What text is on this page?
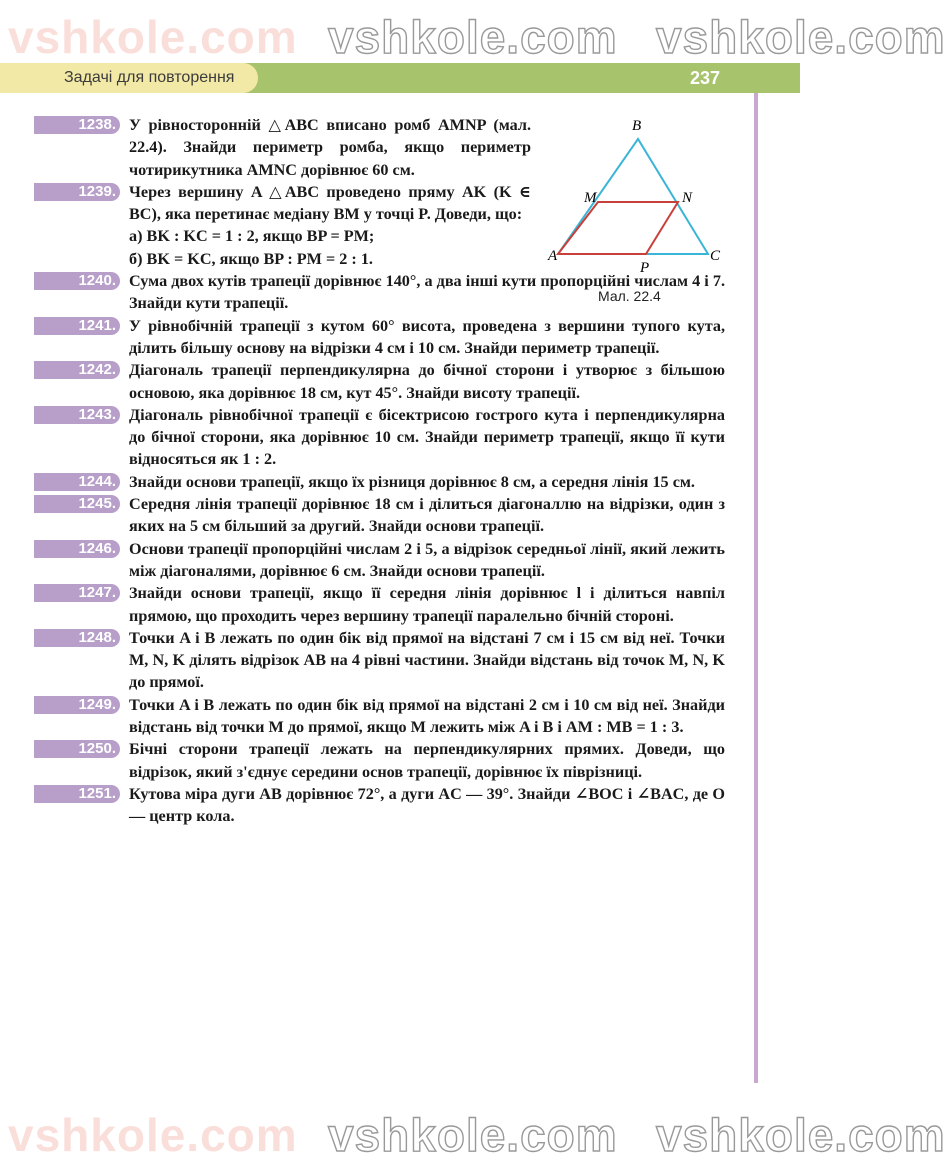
Задачі для повторення	237
B
M	N
A
P
C
Мал. 22.4
1238. У рівносторонній △ABC вписано ромб AMNP (мал. 22.4). Знайди периметр ромба, якщо периметр чотирикутника AMNC дорівнює 60 см.
1239. Через вершину A △ABC проведено пряму AK (K ∈ BC), яка перетинає медіану BM у точці P. Доведи, що:
а) BK : KC = 1 : 2, якщо BP = PM;
б) BK = KC, якщо BP : PM = 2 : 1.
1240. Сума двох кутів трапеції дорівнює 140°, а два інші кути пропорційні числам 4 і 7. Знайди кути трапеції.
1241. У рівнобічній трапеції з кутом 60° висота, проведена з вершини тупого кута, ділить більшу основу на відрізки 4 см і 10 см. Знайди периметр трапеції.
1242. Діагональ трапеції перпендикулярна до бічної сторони і утворює з більшою основою, яка дорівнює 18 см, кут 45°. Знайди висоту трапеції.
1243. Діагональ рівнобічної трапеції є бісектрисою гострого кута і перпендикулярна до бічної сторони, яка дорівнює 10 см. Знайди периметр трапеції, якщо її кути відносяться як 1 : 2.
1244. Знайди основи трапеції, якщо їх різниця дорівнює 8 см, а середня лінія 15 см.
1245. Середня лінія трапеції дорівнює 18 см і ділиться діагоналлю на відрізки, один з яких на 5 см більший за другий. Знайди основи трапеції.
1246. Основи трапеції пропорційні числам 2 і 5, а відрізок середньої лінії, який лежить між діагоналями, дорівнює 6 см. Знайди основи трапеції.
1247. Знайди основи трапеції, якщо її середня лінія дорівнює l і ділиться навпіл прямою, що проходить через вершину трапеції паралельно бічній стороні.
1248. Точки A і B лежать по один бік від прямої на відстані 7 см і 15 см від неї. Точки M, N, K ділять відрізок AB на 4 рівні частини. Знайди відстань від точок M, N, K до прямої.
1249. Точки A і B лежать по один бік від прямої на відстані 2 см і 10 см від неї. Знайди відстань від точки M до прямої, якщо M лежить між A і B і AM : MB = 1 : 3.
1250. Бічні сторони трапеції лежать на перпендикулярних прямих. Доведи, що відрізок, який з'єднує середини основ трапеції, дорівнює їх піврізниці.
1251. Кутова міра дуги AB дорівнює 72°, а дуги AC — 39°. Знайди ∠BOC і ∠BAC, де O — центр кола.
vshkole.com vshkole.com vshkole.com
vshkole.com vshkole.com vshkole.com
